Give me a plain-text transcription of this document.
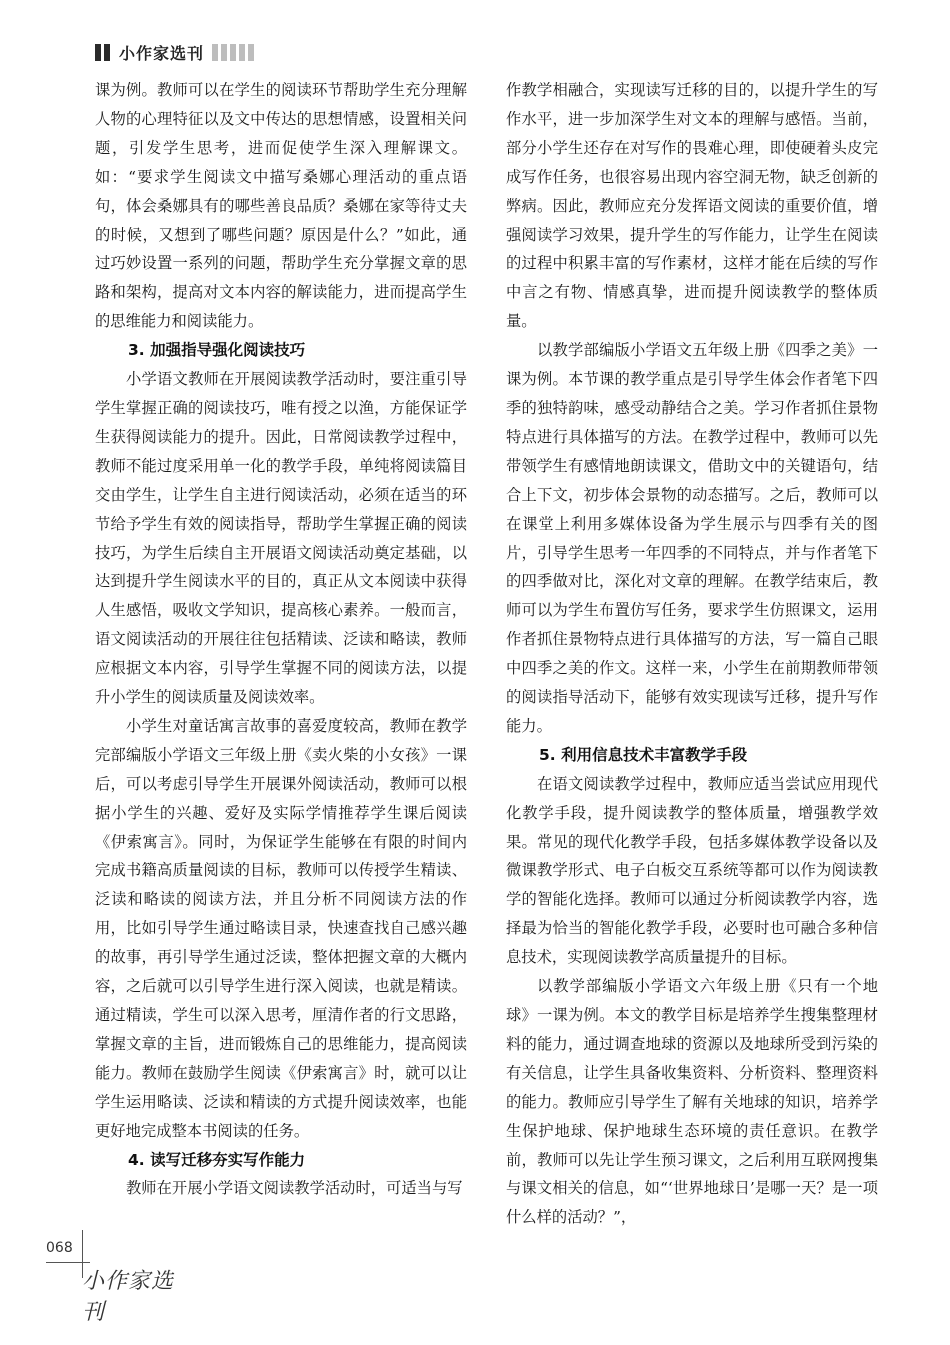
小作家选刊

课为例。教师可以在学生的阅读环节帮助学生充分理解人物的心理特征以及文中传达的思想情感，设置相关问题，引发学生思考，进而促使学生深入理解课文。如：“要求学生阅读文中描写桑娜心理活动的重点语句，体会桑娜具有的哪些善良品质？桑娜在家等待丈夫的时候，又想到了哪些问题？原因是什么？”如此，通过巧妙设置一系列的问题，帮助学生充分掌握文章的思路和架构，提高对文本内容的解读能力，进而提高学生的思维能力和阅读能力。

3. 加强指导强化阅读技巧

小学语文教师在开展阅读教学活动时，要注重引导学生掌握正确的阅读技巧，唯有授之以渔，方能保证学生获得阅读能力的提升。因此，日常阅读教学过程中，教师不能过度采用单一化的教学手段，单纯将阅读篇目交由学生，让学生自主进行阅读活动，必须在适当的环节给予学生有效的阅读指导，帮助学生掌握正确的阅读技巧，为学生后续自主开展语文阅读活动奠定基础，以达到提升学生阅读水平的目的，真正从文本阅读中获得人生感悟，吸收文学知识，提高核心素养。一般而言，语文阅读活动的开展往往包括精读、泛读和略读，教师应根据文本内容，引导学生掌握不同的阅读方法，以提升小学生的阅读质量及阅读效率。

小学生对童话寓言故事的喜爱度较高，教师在教学完部编版小学语文三年级上册《卖火柴的小女孩》一课后，可以考虑引导学生开展课外阅读活动，教师可以根据小学生的兴趣、爱好及实际学情推荐学生课后阅读《伊索寓言》。同时，为保证学生能够在有限的时间内完成书籍高质量阅读的目标，教师可以传授学生精读、泛读和略读的阅读方法，并且分析不同阅读方法的作用，比如引导学生通过略读目录，快速查找自己感兴趣的故事，再引导学生通过泛读，整体把握文章的大概内容，之后就可以引导学生进行深入阅读，也就是精读。通过精读，学生可以深入思考，厘清作者的行文思路，掌握文章的主旨，进而锻炼自己的思维能力，提高阅读能力。教师在鼓励学生阅读《伊索寓言》时，就可以让学生运用略读、泛读和精读的方式提升阅读效率，也能更好地完成整本书阅读的任务。

4. 读写迁移夯实写作能力

教师在开展小学语文阅读教学活动时，可适当与写

作教学相融合，实现读写迁移的目的，以提升学生的写作水平，进一步加深学生对文本的理解与感悟。当前，部分小学生还存在对写作的畏难心理，即使硬着头皮完成写作任务，也很容易出现内容空洞无物，缺乏创新的弊病。因此，教师应充分发挥语文阅读的重要价值，增强阅读学习效果，提升学生的写作能力，让学生在阅读的过程中积累丰富的写作素材，这样才能在后续的写作中言之有物、情感真挚，进而提升阅读教学的整体质量。

以教学部编版小学语文五年级上册《四季之美》一课为例。本节课的教学重点是引导学生体会作者笔下四季的独特韵味，感受动静结合之美。学习作者抓住景物特点进行具体描写的方法。在教学过程中，教师可以先带领学生有感情地朗读课文，借助文中的关键语句，结合上下文，初步体会景物的动态描写。之后，教师可以在课堂上利用多媒体设备为学生展示与四季有关的图片，引导学生思考一年四季的不同特点，并与作者笔下的四季做对比，深化对文章的理解。在教学结束后，教师可以为学生布置仿写任务，要求学生仿照课文，运用作者抓住景物特点进行具体描写的方法，写一篇自己眼中四季之美的作文。这样一来，小学生在前期教师带领的阅读指导活动下，能够有效实现读写迁移，提升写作能力。

5. 利用信息技术丰富教学手段

在语文阅读教学过程中，教师应适当尝试应用现代化教学手段，提升阅读教学的整体质量，增强教学效果。常见的现代化教学手段，包括多媒体教学设备以及微课教学形式、电子白板交互系统等都可以作为阅读教学的智能化选择。教师可以通过分析阅读教学内容，选择最为恰当的智能化教学手段，必要时也可融合多种信息技术，实现阅读教学高质量提升的目标。

以教学部编版小学语文六年级上册《只有一个地球》一课为例。本文的教学目标是培养学生搜集整理材料的能力，通过调查地球的资源以及地球所受到污染的有关信息，让学生具备收集资料、分析资料、整理资料的能力。教师应引导学生了解有关地球的知识，培养学生保护地球、保护地球生态环境的责任意识。在教学前，教师可以先让学生预习课文，之后利用互联网搜集与课文相关的信息，如“‘世界地球日’是哪一天？是一项什么样的活动？”，

068
小作家选刊
